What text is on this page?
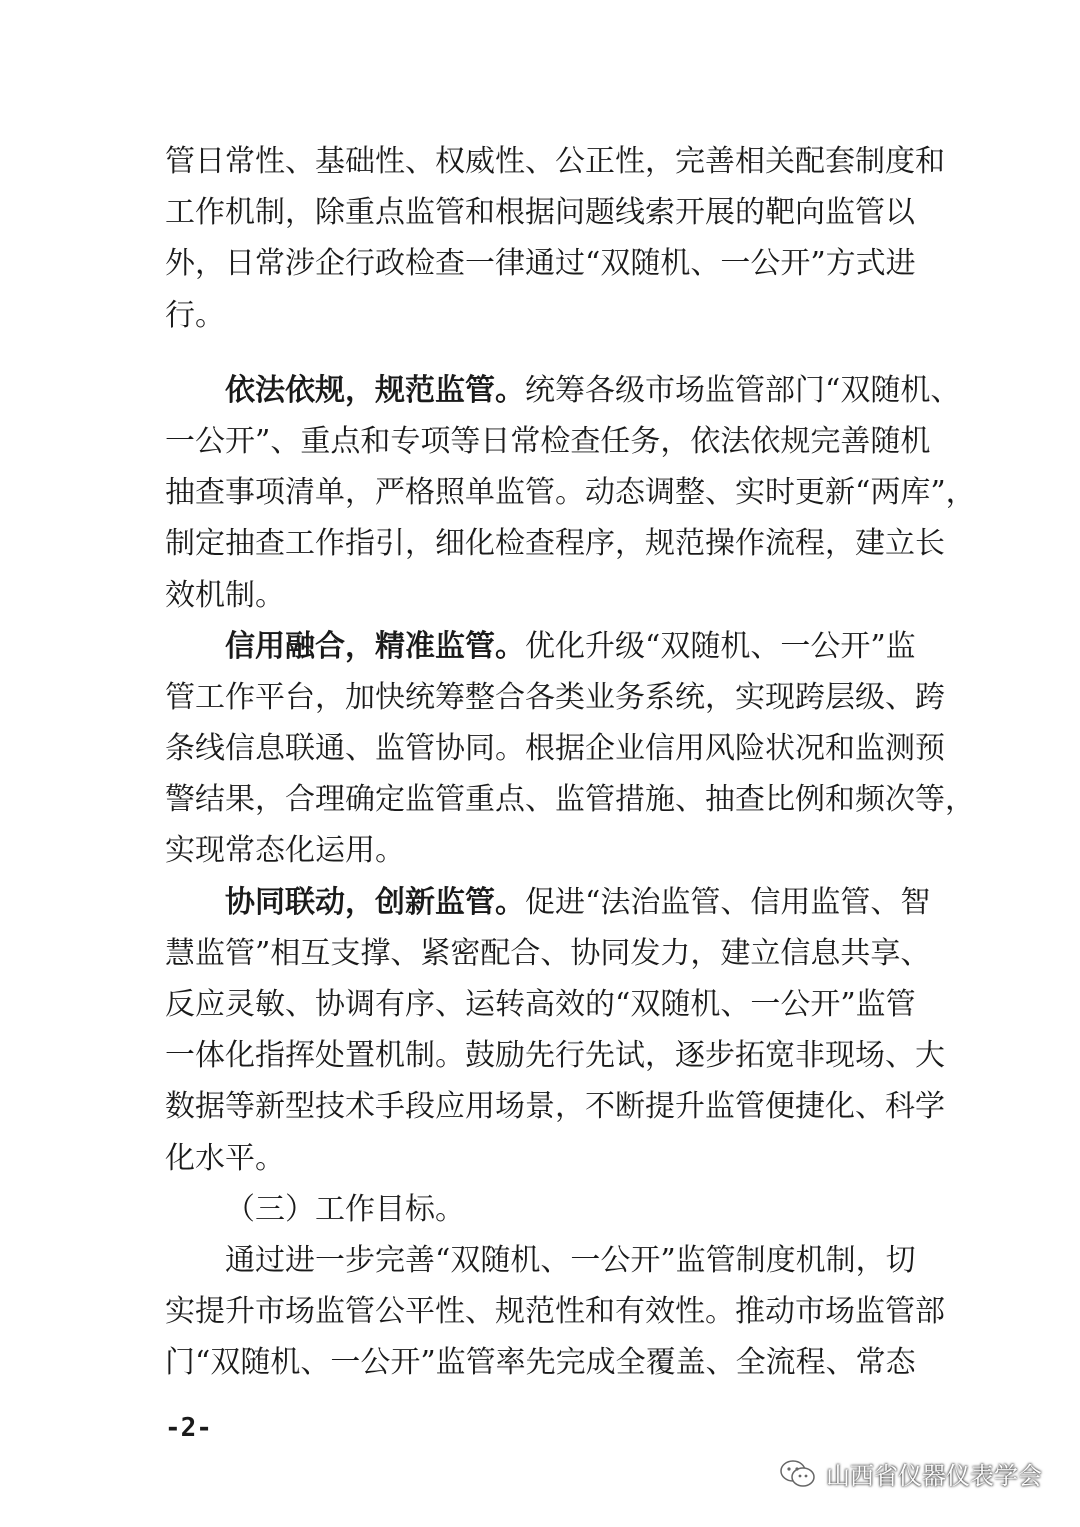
管日常性、基础性、权威性、公正性，完善相关配套制度和
工作机制，除重点监管和根据问题线索开展的靶向监管以
外，日常涉企行政检查一律通过“双随机、一公开”方式进
行。
依法依规，规范监管。统筹各级市场监管部门“双随机、
一公开”、重点和专项等日常检查任务，依法依规完善随机
抽查事项清单，严格照单监管。动态调整、实时更新“两库”，
制定抽查工作指引，细化检查程序，规范操作流程，建立长
效机制。
信用融合，精准监管。优化升级“双随机、一公开”监
管工作平台，加快统筹整合各类业务系统，实现跨层级、跨
条线信息联通、监管协同。根据企业信用风险状况和监测预
警结果，合理确定监管重点、监管措施、抽查比例和频次等，
实现常态化运用。
协同联动，创新监管。促进“法治监管、信用监管、智
慧监管”相互支撑、紧密配合、协同发力，建立信息共享、
反应灵敏、协调有序、运转高效的“双随机、一公开”监管
一体化指挥处置机制。鼓励先行先试，逐步拓宽非现场、大
数据等新型技术手段应用场景，不断提升监管便捷化、科学
化水平。
（三）工作目标。
通过进一步完善“双随机、一公开”监管制度机制，切
实提升市场监管公平性、规范性和有效性。推动市场监管部
门“双随机、一公开”监管率先完成全覆盖、全流程、常态
-2-
山西省仪器仪表学会
